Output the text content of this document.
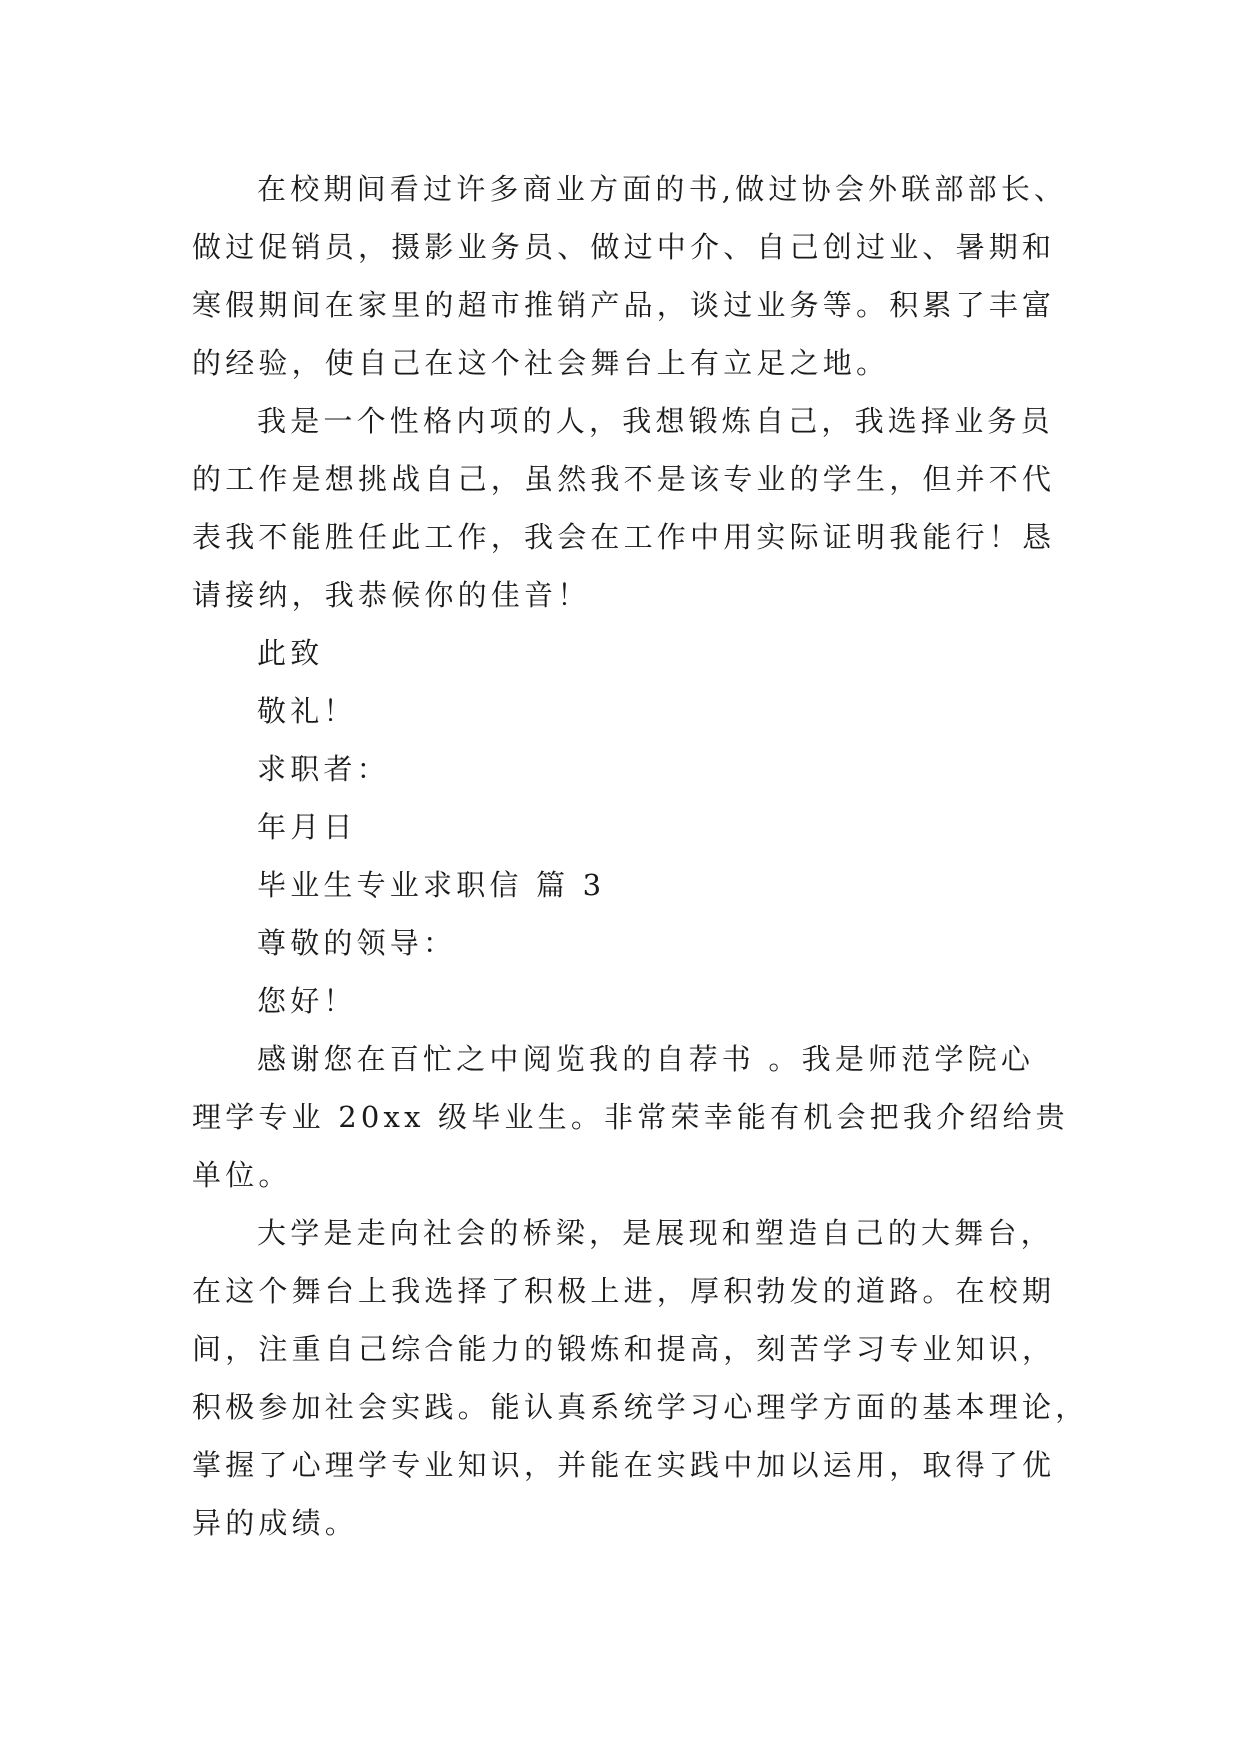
在校期间看过许多商业方面的书,做过协会外联部部长、
做过促销员，摄影业务员、做过中介、自己创过业、暑期和
寒假期间在家里的超市推销产品，谈过业务等。积累了丰富
的经验，使自己在这个社会舞台上有立足之地。
我是一个性格内项的人，我想锻炼自己，我选择业务员
的工作是想挑战自己，虽然我不是该专业的学生，但并不代
表我不能胜任此工作，我会在工作中用实际证明我能行！恳
请接纳，我恭候你的佳音！
此致
敬礼！
求职者：
年月日
毕业生专业求职信 篇 3
尊敬的领导：
您好！
感谢您在百忙之中阅览我的自荐书 。我是师范学院心
理学专业 20xx 级毕业生。非常荣幸能有机会把我介绍给贵
单位。
大学是走向社会的桥梁，是展现和塑造自己的大舞台，
在这个舞台上我选择了积极上进，厚积勃发的道路。在校期
间，注重自己综合能力的锻炼和提高，刻苦学习专业知识，
积极参加社会实践。能认真系统学习心理学方面的基本理论，
掌握了心理学专业知识，并能在实践中加以运用，取得了优
异的成绩。
